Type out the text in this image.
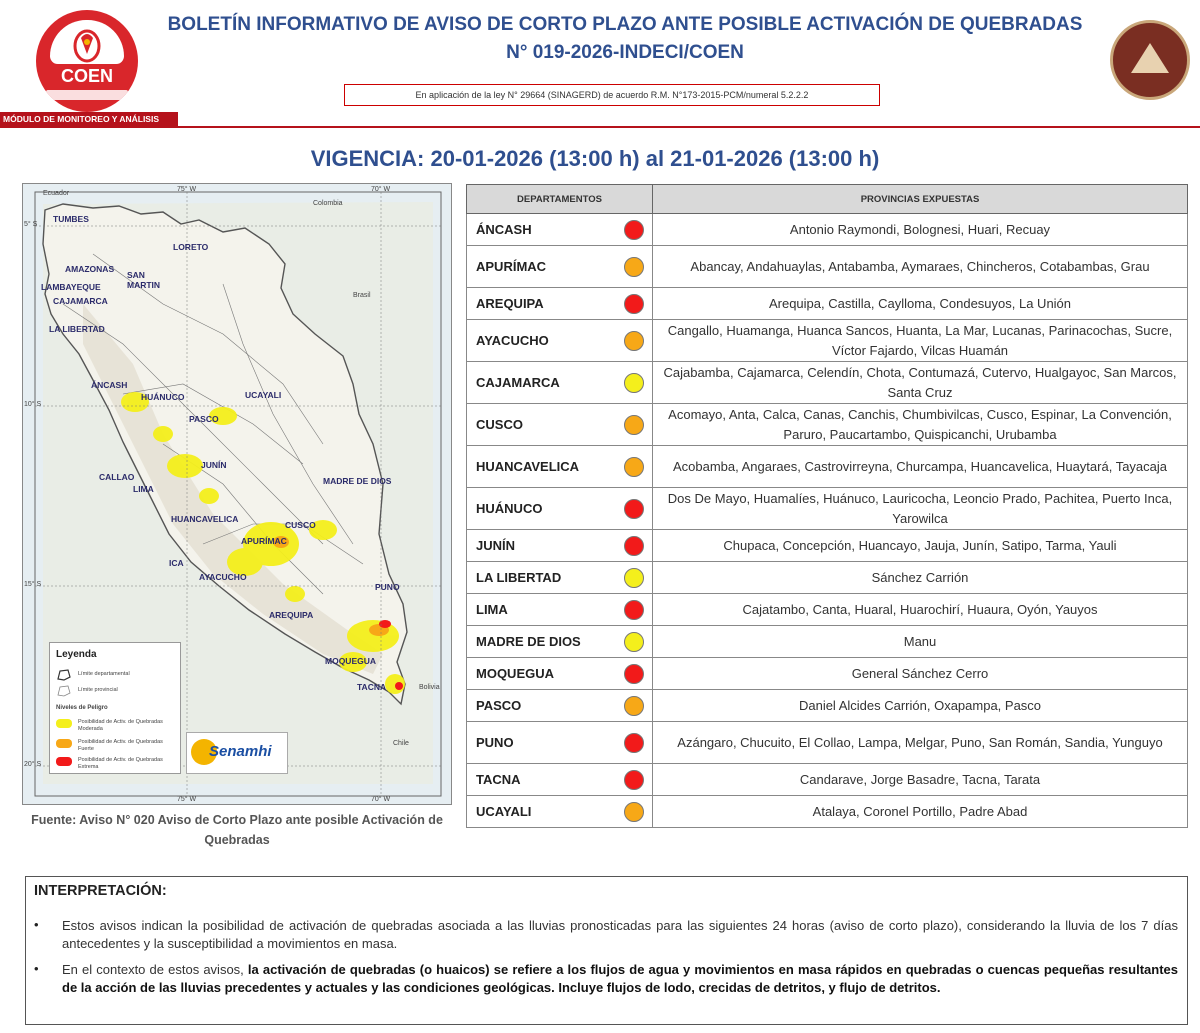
COEN
MÓDULO DE MONITOREO Y ANÁLISIS
BOLETÍN INFORMATIVO DE AVISO DE CORTO PLAZO ANTE POSIBLE ACTIVACIÓN DE QUEBRADAS
N° 019-2026-INDECI/COEN
En aplicación de la ley N° 29664 (SINAGERD) de acuerdo R.M. N°173-2015-PCM/numeral 5.2.2.2
VIGENCIA: 20-01-2026 (13:00 h) al 21-01-2026 (13:00 h)
75° W	70° W
75° W	70° W
5° S
10° S
15° S
20° S
Ecuador
Colombia
Brasil
Bolivia
Chile
TUMBES
LORETO
AMAZONAS
SAN
MARTIN
LAMBAYEQUE
CAJAMARCA
LA LIBERTAD
ÁNCASH
HUÁNUCO	UCAYALI
PASCO
JUNÍN
CALLAO
LIMA
MADRE DE DIOS
HUANCAVELICA
CUSCO
APURÍMAC
ICA
AYACUCHO
PUNO
AREQUIPA
MOQUEGUA
TACNA
Leyenda
Límite departamental
Límite provincial
Niveles de Peligro
Posibilidad de Activ. de Quebradas Moderada
Posibilidad de Activ. de Quebradas Fuerte
Posibilidad de Activ. de Quebradas Extrema
Senamhi
Fuente: Aviso N° 020 Aviso de Corto Plazo ante posible Activación de Quebradas
DEPARTAMENTOS		PROVINCIAS EXPUESTAS
ÁNCASH		Antonio Raymondi, Bolognesi, Huari, Recuay
APURÍMAC		Abancay, Andahuaylas, Antabamba, Aymaraes, Chincheros, Cotabambas, Grau
AREQUIPA		Arequipa, Castilla, Caylloma, Condesuyos, La Unión
AYACUCHO		Cangallo, Huamanga, Huanca Sancos, Huanta, La Mar, Lucanas, Parinacochas, Sucre, Víctor Fajardo, Vilcas Huamán
CAJAMARCA		Cajabamba, Cajamarca, Celendín, Chota, Contumazá, Cutervo, Hualgayoc, San Marcos, Santa Cruz
CUSCO		Acomayo, Anta, Calca, Canas, Canchis, Chumbivilcas, Cusco, Espinar, La Convención, Paruro, Paucartambo, Quispicanchi, Urubamba
HUANCAVELICA		Acobamba, Angaraes, Castrovirreyna, Churcampa, Huancavelica, Huaytará, Tayacaja
HUÁNUCO		Dos De Mayo, Huamalíes, Huánuco, Lauricocha, Leoncio Prado, Pachitea, Puerto Inca, Yarowilca
JUNÍN		Chupaca, Concepción, Huancayo, Jauja, Junín, Satipo, Tarma, Yauli
LA LIBERTAD		Sánchez Carrión
LIMA		Cajatambo, Canta, Huaral, Huarochirí, Huaura, Oyón, Yauyos
MADRE DE DIOS		Manu
MOQUEGUA		General Sánchez Cerro
PASCO		Daniel Alcides Carrión, Oxapampa, Pasco
PUNO		Azángaro, Chucuito, El Collao, Lampa, Melgar, Puno, San Román, Sandia, Yunguyo
TACNA		Candarave, Jorge Basadre, Tacna, Tarata
UCAYALI		Atalaya, Coronel Portillo, Padre Abad
INTERPRETACIÓN:
• Estos avisos indican la posibilidad de activación de quebradas asociada a las lluvias pronosticadas para las siguientes 24 horas (aviso de corto plazo), considerando la lluvia de los 7 días antecedentes y la susceptibilidad a movimientos en masa.
• En el contexto de estos avisos, la activación de quebradas (o huaicos) se refiere a los flujos de agua y movimientos en masa rápidos en quebradas o cuencas pequeñas resultantes de la acción de las lluvias precedentes y actuales y las condiciones geológicas. Incluye flujos de lodo, crecidas de detritos, y flujo de detritos.
